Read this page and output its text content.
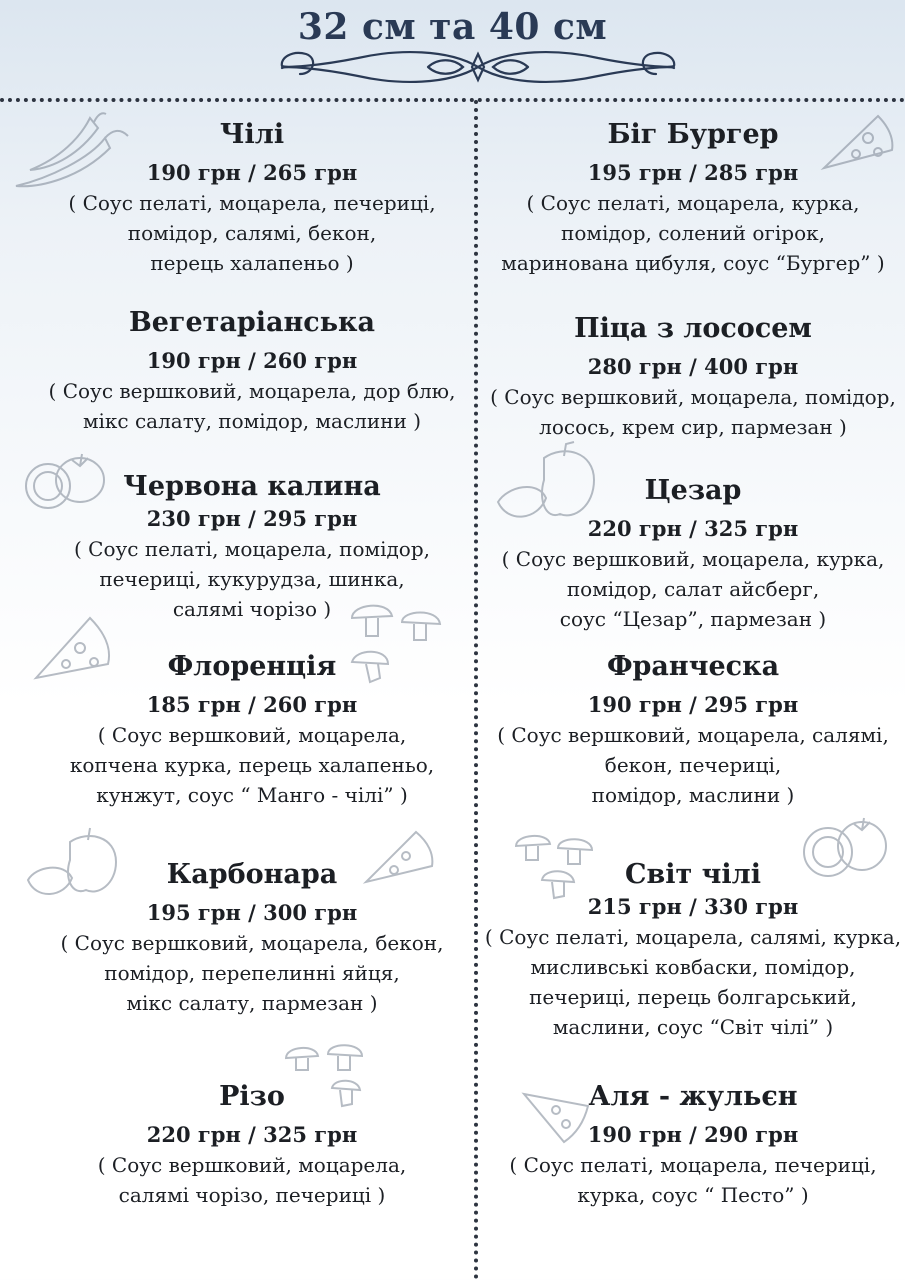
32 см та 40 см
Чілі
190 грн / 265 грн
( Соус пелаті, моцарела, печериці,
помідор, салямі, бекон,
перець халапеньо )
Вегетаріанська
190 грн / 260 грн
( Соус вершковий, моцарела, дор блю,
мікс салату, помідор, маслини )
Червона калина
230 грн / 295 грн
( Соус пелаті, моцарела, помідор,
печериці, кукурудза, шинка,
салямі чорізо )
Флоренція
185 грн / 260 грн
( Соус вершковий, моцарела,
копчена курка, перець халапеньо,
кунжут, соус “ Манго - чілі” )
Карбонара
195 грн / 300 грн
( Соус вершковий, моцарела, бекон,
помідор, перепелинні яйця,
мікс салату, пармезан )
Різо
220 грн / 325 грн
( Соус вершковий, моцарела,
салямі чорізо, печериці )
Біг Бургер
195 грн / 285 грн
( Соус пелаті, моцарела, курка,
помідор, солений огірок,
маринована цибуля, соус “Бургер” )
Піца з лососем
280 грн / 400 грн
( Соус вершковий, моцарела, помідор,
лосось, крем сир, пармезан )
Цезар
220 грн / 325 грн
( Соус вершковий, моцарела, курка,
помідор, салат айсберг,
соус “Цезар”, пармезан )
Франческа
190 грн / 295 грн
( Соус вершковий, моцарела, салямі,
бекон, печериці,
помідор, маслини )
Світ чілі
215 грн / 330 грн
( Соус пелаті, моцарела, салямі, курка,
мисливські ковбаски, помідор,
печериці, перець болгарський,
маслини, соус “Світ чілі” )
Аля - жульєн
190 грн / 290 грн
( Соус пелаті, моцарела, печериці,
курка, соус “ Песто” )
